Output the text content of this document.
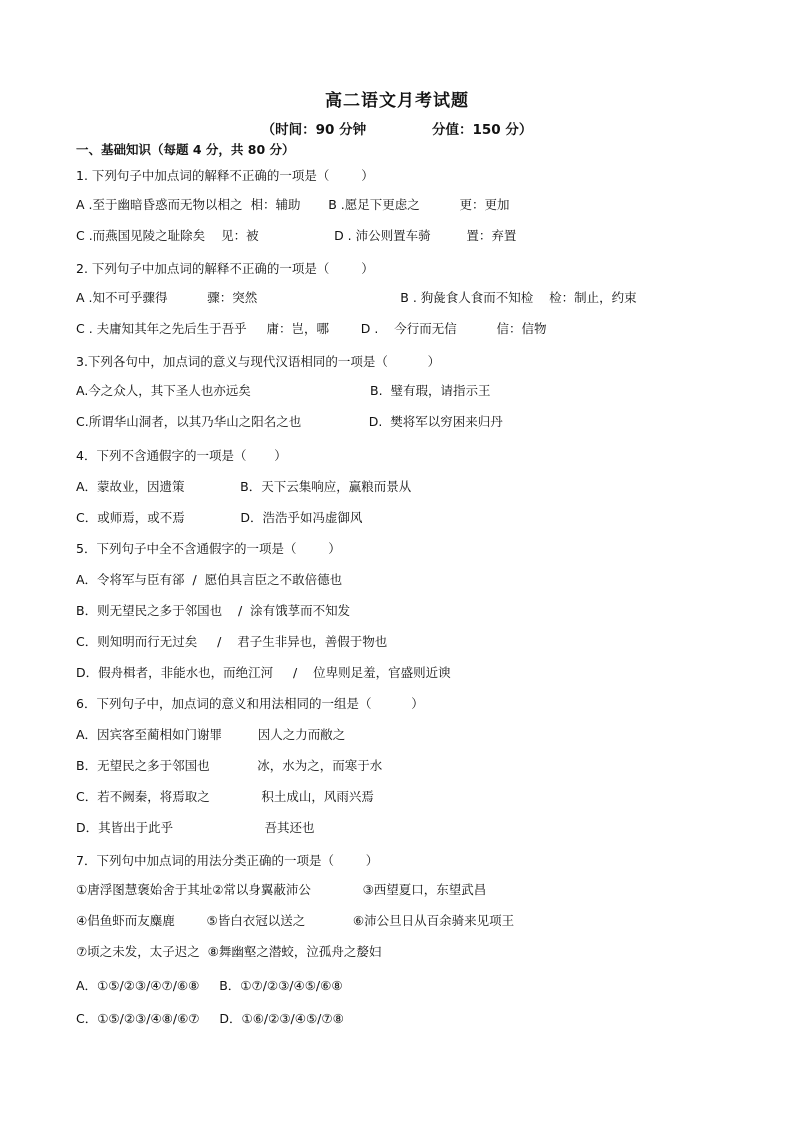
高二语文月考试题
（时间：90 分钟              分值：150 分）
一、基础知识（每题 4 分，共 80 分）
1. 下列句子中加点词的解释不正确的一项是（        ）
A .至于幽暗昏惑而无物以相之  相：辅助       B .愿足下更虑之          更：更加
C .而燕国见陵之耻除矣    见：被                   D . 沛公则置车骑         置：弃置
2. 下列句子中加点词的解释不正确的一项是（        ）
A .知不可乎骤得          骤：突然                                    B . 狗彘食人食而不知检    检：制止，约束
C . 夫庸知其年之先后生于吾乎     庸：岂，哪        D .    今行而无信          信：信物
3.下列各句中，加点词的意义与现代汉语相同的一项是（          ）
A.今之众人，其下圣人也亦远矣                              B.  璧有瑕，请指示王
C.所谓华山洞者，以其乃华山之阳名之也                 D.  樊将军以穷困来归丹
4．下列不含通假字的一项是（       ）
A．蒙故业，因遗策              B．天下云集响应，赢粮而景从
C．或师焉，或不焉              D．浩浩乎如冯虚御风
5．下列句子中全不含通假字的一项是（        ）
A．令将军与臣有郤  /  愿伯具言臣之不敢倍德也
B．则无望民之多于邻国也    /  涂有饿莩而不知发
C．则知明而行无过矣     /    君子生非异也，善假于物也
D．假舟楫者，非能水也，而绝江河     /    位卑则足羞，官盛则近谀
6．下列句子中，加点词的意义和用法相同的一组是（          ）
A．因宾客至蔺相如门谢罪         因人之力而敝之
B．无望民之多于邻国也            冰，水为之，而寒于水
C．若不阙秦，将焉取之             积土成山，风雨兴焉
D．其皆出于此乎                       吾其还也
7．下列句中加点词的用法分类正确的一项是（        ）
①唐浮图慧褒始舍于其址②常以身翼蔽沛公             ③西望夏口，东望武昌
④侣鱼虾而友麋鹿        ⑤皆白衣冠以送之            ⑥沛公旦日从百余骑来见项王
⑦顷之未发，太子迟之  ⑧舞幽壑之潜蛟，泣孤舟之嫠妇
A．①⑤/②③/④⑦/⑥⑧     B．①⑦/②③/④⑤/⑥⑧
C．①⑤/②③/④⑧/⑥⑦     D．①⑥/②③/④⑤/⑦⑧
